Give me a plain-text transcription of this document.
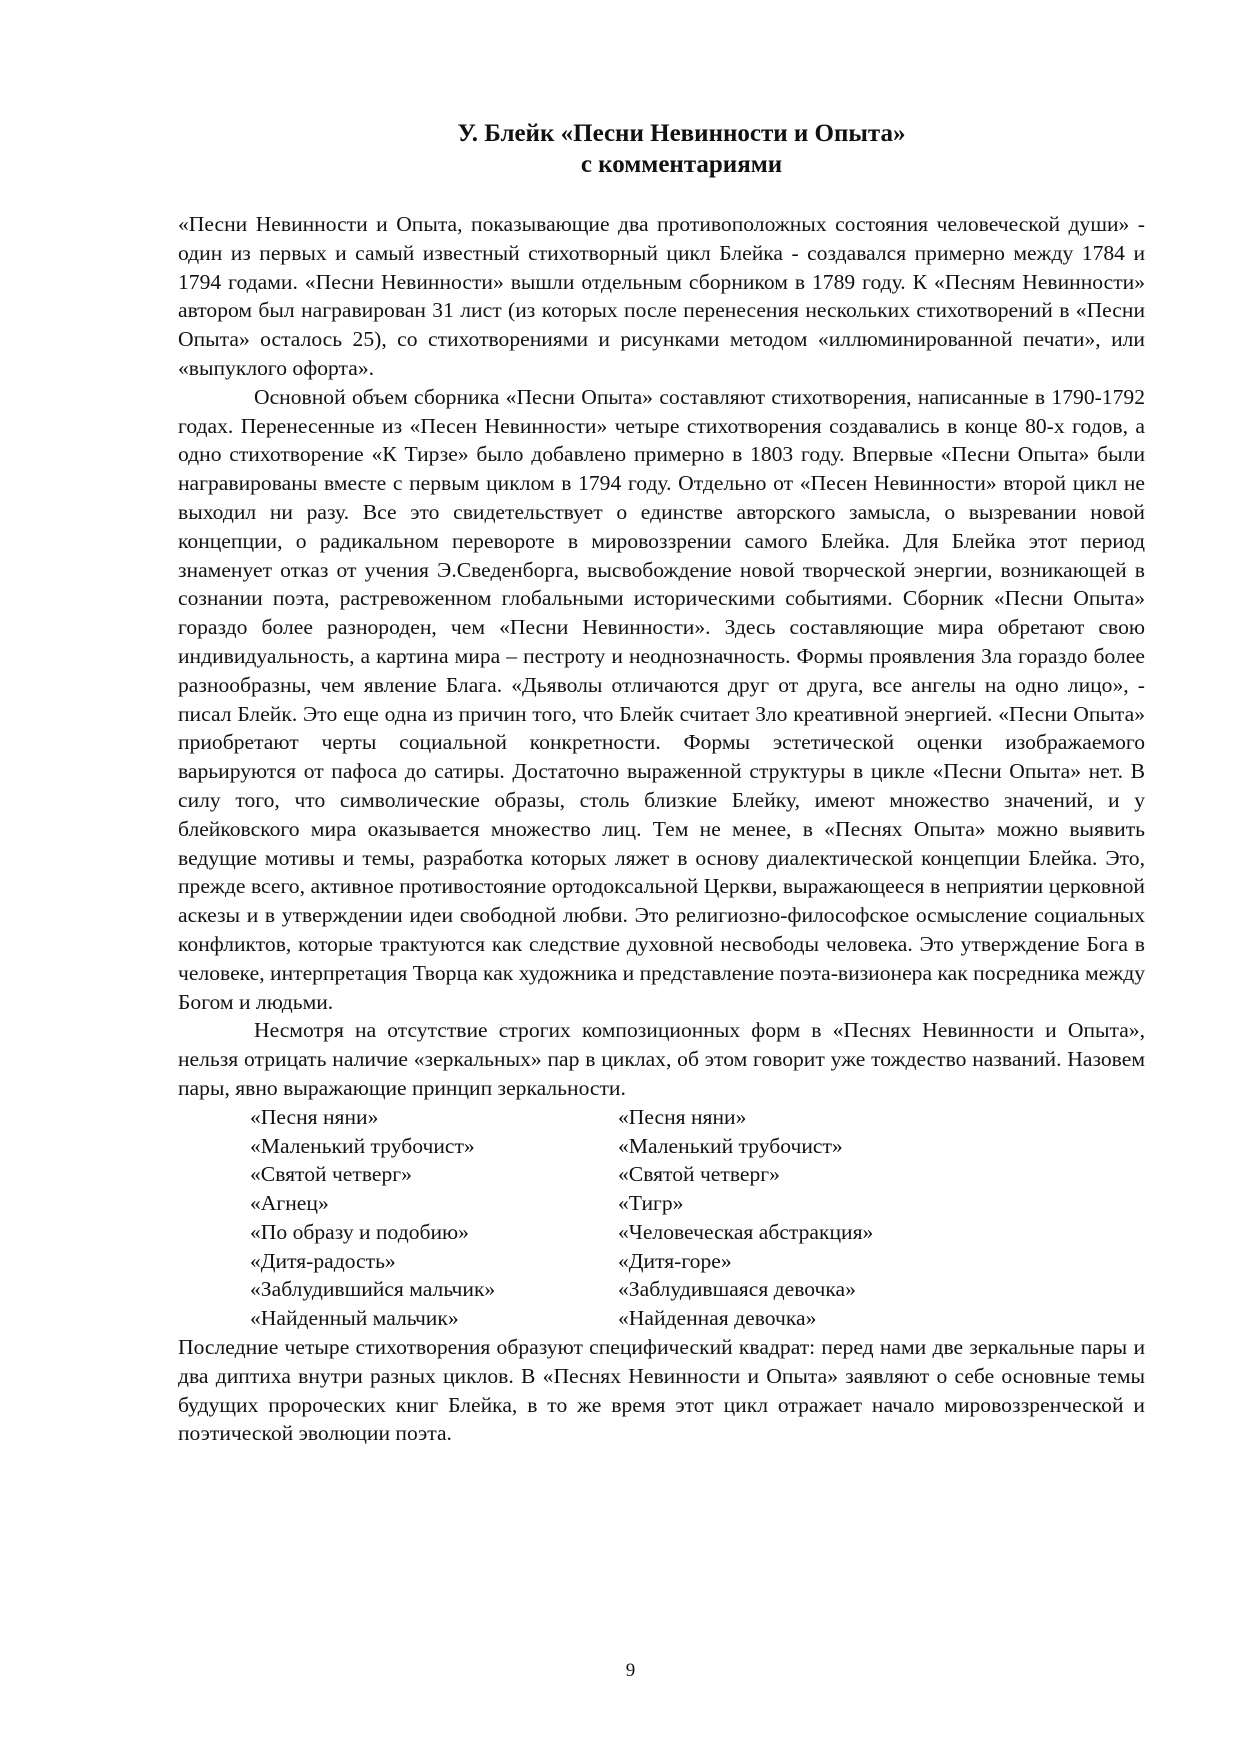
У. Блейк «Песни Невинности и Опыта»
с комментариями

«Песни Невинности и Опыта, показывающие два противоположных состояния человеческой души» - один из первых и самый известный стихотворный цикл Блейка - создавался примерно между 1784 и 1794 годами. «Песни Невинности» вышли отдельным сборником в 1789 году. К «Песням Невинности» автором был награвирован 31 лист (из которых после перенесения нескольких стихотворений в «Песни Опыта» осталось 25), со стихотворениями и рисунками методом «иллюминированной печати», или «выпуклого офорта».

Основной объем сборника «Песни Опыта» составляют стихотворения, написанные в 1790-1792 годах. Перенесенные из «Песен Невинности» четыре стихотворения создавались в конце 80-х годов, а одно стихотворение «К Тирзе» было добавлено примерно в 1803 году. Впервые «Песни Опыта» были награвированы вместе с первым циклом в 1794 году. Отдельно от «Песен Невинности» второй цикл не выходил ни разу. Все это свидетельствует о единстве авторского замысла, о вызревании новой концепции, о радикальном перевороте в мировоззрении самого Блейка. Для Блейка этот период знаменует отказ от учения Э.Сведенборга, высвобождение новой творческой энергии, возникающей в сознании поэта, растревоженном глобальными историческими событиями. Сборник «Песни Опыта» гораздо более разнороден, чем «Песни Невинности». Здесь составляющие мира обретают свою индивидуальность, а картина мира – пестроту и неоднозначность. Формы проявления Зла гораздо более разнообразны, чем явление Блага. «Дьяволы отличаются друг от друга, все ангелы на одно лицо», - писал Блейк. Это еще одна из причин того, что Блейк считает Зло креативной энергией. «Песни Опыта» приобретают черты социальной конкретности. Формы эстетической оценки изображаемого варьируются от пафоса до сатиры. Достаточно выраженной структуры в цикле «Песни Опыта» нет. В силу того, что символические образы, столь близкие Блейку, имеют множество значений, и у блейковского мира оказывается множество лиц. Тем не менее, в «Песнях Опыта» можно выявить ведущие мотивы и темы, разработка которых ляжет в основу диалектической концепции Блейка. Это, прежде всего, активное противостояние ортодоксальной Церкви, выражающееся в неприятии церковной аскезы и в утверждении идеи свободной любви. Это религиозно-философское осмысление социальных конфликтов, которые трактуются как следствие духовной несвободы человека. Это утверждение Бога в человеке, интерпретация Творца как художника и представление поэта-визионера как посредника между Богом и людьми.

Несмотря на отсутствие строгих композиционных форм в «Песнях Невинности и Опыта», нельзя отрицать наличие «зеркальных» пар в циклах, об этом говорит уже тождество названий. Назовем пары, явно выражающие принцип зеркальности.

«Песня няни»	«Песня няни»
«Маленький трубочист»	«Маленький трубочист»
«Святой четверг»	«Святой четверг»
«Агнец»	«Тигр»
«По образу и подобию»	«Человеческая абстракция»
«Дитя-радость»	«Дитя-горе»
«Заблудившийся мальчик»	«Заблудившаяся девочка»
«Найденный мальчик»	«Найденная девочка»

Последние четыре стихотворения образуют специфический квадрат: перед нами две зеркальные пары и два диптиха внутри разных циклов. В «Песнях Невинности и Опыта» заявляют о себе основные темы будущих пророческих книг Блейка, в то же время этот цикл отражает начало мировоззренческой и поэтической эволюции поэта.

9
